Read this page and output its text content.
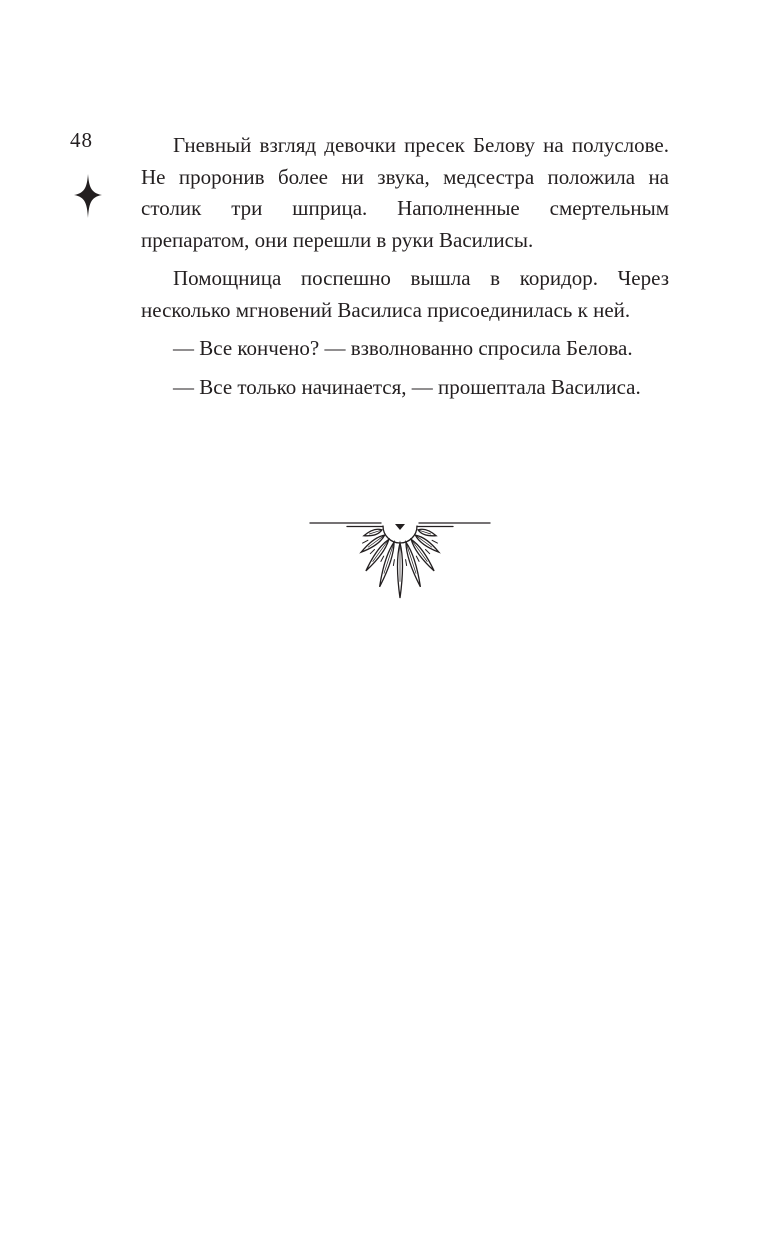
48	Гневный взгляд девочки пресек Белову на полуслове. Не проронив более ни звука, медсестра положила на столик три шприца. Наполненные смертельным препаратом, они перешли в руки Василисы.

Помощница поспешно вышла в коридор. Через несколько мгновений Василиса присоединилась к ней.

— Все кончено? — взволнованно спросила Белова.

— Все только начинается, — прошептала Василиса.
